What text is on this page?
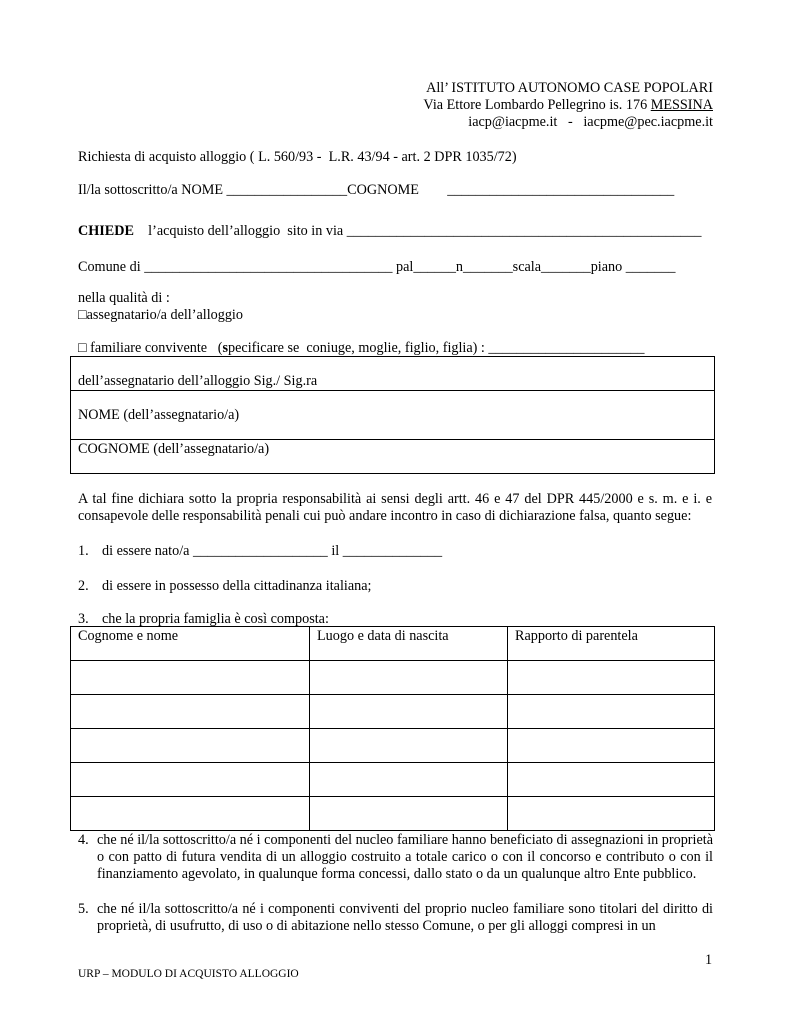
All’ ISTITUTO AUTONOMO CASE POPOLARI
Via Ettore Lombardo Pellegrino is. 176 MESSINA
iacp@iacpme.it   -   iacpme@pec.iacpme.it
Richiesta di acquisto alloggio ( L. 560/93 -  L.R. 43/94 - art. 2 DPR 1035/72)
Il/la sottoscritto/a NOME _________________COGNOME        ________________________________
CHIEDE l’acquisto dell’alloggio  sito in via __________________________________________________
Comune di ___________________________________ pal______n_______scala_______piano _______
nella qualità di :
□assegnatario/a dell’alloggio
□ familiare convivente   (specificare se  coniuge, moglie, figlio, figlia) : ______________________
dell’assegnatario dell’alloggio Sig./ Sig.ra
NOME (dell’assegnatario/a)
COGNOME (dell’assegnatario/a)
A tal fine dichiara sotto la propria responsabilità ai sensi degli artt. 46 e 47 del DPR 445/2000 e s. m. e i. e consapevole delle responsabilità penali cui può andare incontro in caso di dichiarazione falsa, quanto segue:
1. di essere nato/a ___________________ il ______________
2. di essere in possesso della cittadinanza italiana;
3. che la propria famiglia è così composta:
Cognome e nome	Luogo e data di nascita	Rapporto di parentela
4. che né il/la sottoscritto/a né i componenti del nucleo familiare hanno beneficiato di assegnazioni in proprietà o con patto di futura vendita di un alloggio costruito a totale carico o con il concorso e contributo o con il finanziamento agevolato, in qualunque forma concessi, dallo stato o da un qualunque altro Ente pubblico.
5. che né il/la sottoscritto/a né i componenti conviventi del proprio nucleo familiare sono titolari del diritto di proprietà, di usufrutto, di uso o di abitazione nello stesso Comune, o per gli alloggi compresi in un
1
URP – MODULO DI ACQUISTO ALLOGGIO
